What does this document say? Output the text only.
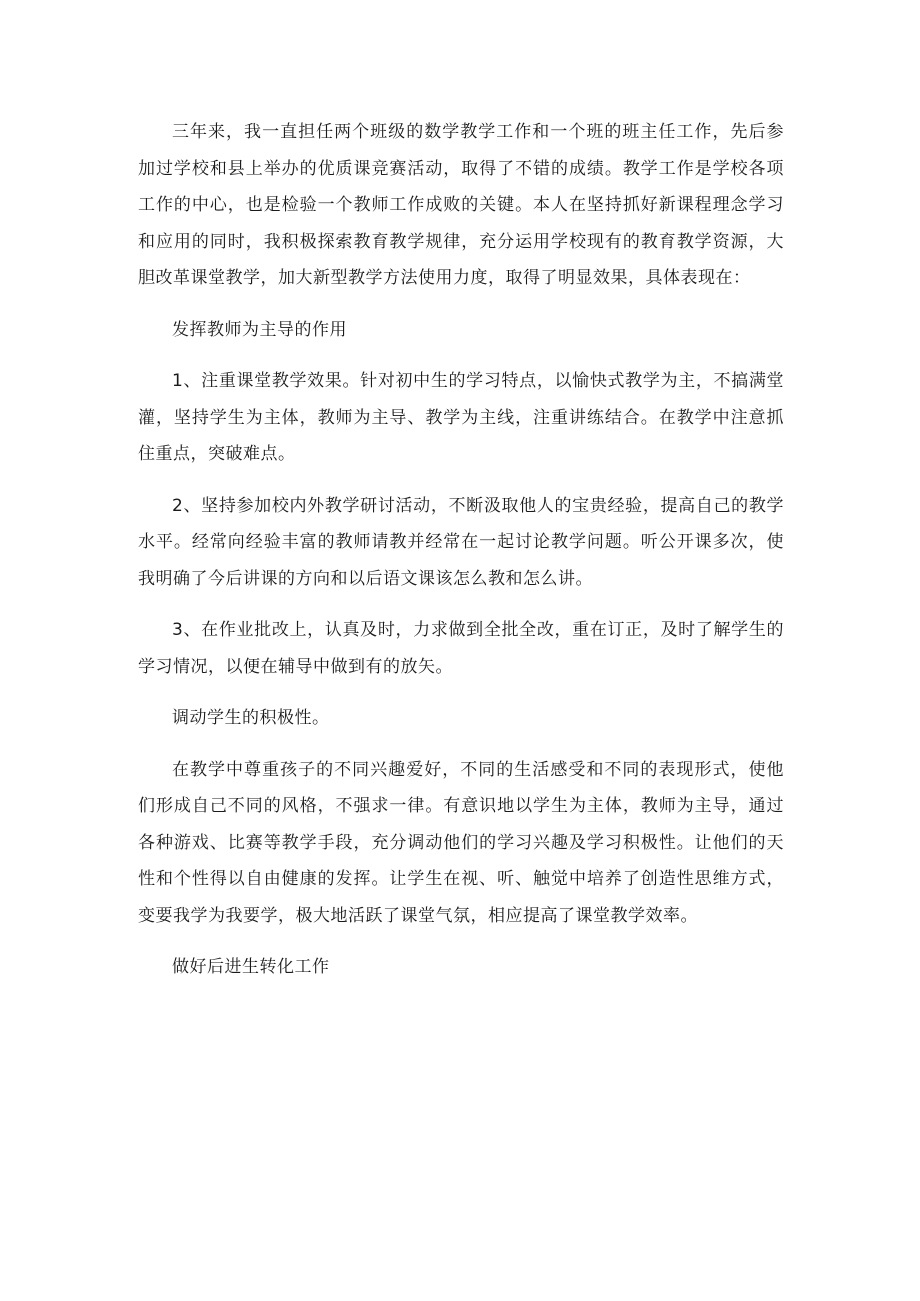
三年来，我一直担任两个班级的数学教学工作和一个班的班主任工作，先后参加过学校和县上举办的优质课竞赛活动，取得了不错的成绩。教学工作是学校各项工作的中心，也是检验一个教师工作成败的关键。本人在坚持抓好新课程理念学习和应用的同时，我积极探索教育教学规律，充分运用学校现有的教育教学资源，大胆改革课堂教学，加大新型教学方法使用力度，取得了明显效果，具体表现在：

发挥教师为主导的作用

1、注重课堂教学效果。针对初中生的学习特点，以愉快式教学为主，不搞满堂灌，坚持学生为主体，教师为主导、教学为主线，注重讲练结合。在教学中注意抓住重点，突破难点。

2、坚持参加校内外教学研讨活动，不断汲取他人的宝贵经验，提高自己的教学水平。经常向经验丰富的教师请教并经常在一起讨论教学问题。听公开课多次，使我明确了今后讲课的方向和以后语文课该怎么教和怎么讲。

3、在作业批改上，认真及时，力求做到全批全改，重在订正，及时了解学生的学习情况，以便在辅导中做到有的放矢。

调动学生的积极性。

在教学中尊重孩子的不同兴趣爱好，不同的生活感受和不同的表现形式，使他们形成自己不同的风格，不强求一律。有意识地以学生为主体，教师为主导，通过各种游戏、比赛等教学手段，充分调动他们的学习兴趣及学习积极性。让他们的天性和个性得以自由健康的发挥。让学生在视、听、触觉中培养了创造性思维方式，变要我学为我要学，极大地活跃了课堂气氛，相应提高了课堂教学效率。

做好后进生转化工作
